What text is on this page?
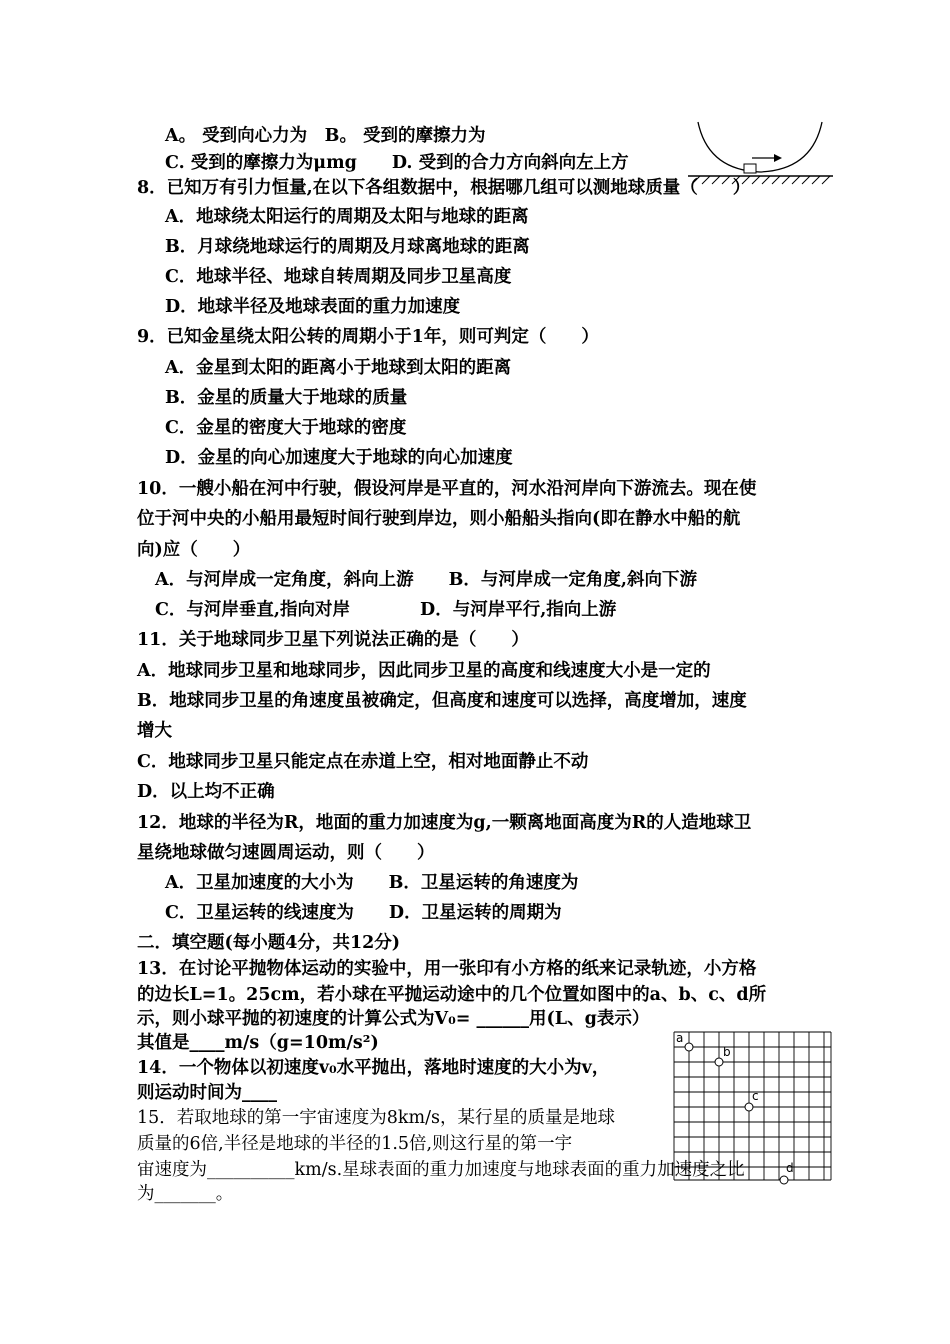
a
b
c
d
A。 受到向心力为　B。 受到的摩擦力为
C. 受到的摩擦力为μmg　　D. 受到的合力方向斜向左上方
8．已知万有引力恒量,在以下各组数据中，根据哪几组可以测地球质量（　　）
A．地球绕太阳运行的周期及太阳与地球的距离
B．月球绕地球运行的周期及月球离地球的距离
C．地球半径、地球自转周期及同步卫星高度
D．地球半径及地球表面的重力加速度
9．已知金星绕太阳公转的周期小于1年，则可判定（　　）
A．金星到太阳的距离小于地球到太阳的距离
B．金星的质量大于地球的质量
C．金星的密度大于地球的密度
D．金星的向心加速度大于地球的向心加速度
10．一艘小船在河中行驶，假设河岸是平直的，河水沿河岸向下游流去。现在使
位于河中央的小船用最短时间行驶到岸边，则小船船头指向(即在静水中船的航
向)应（　　）
A．与河岸成一定角度，斜向上游　　B．与河岸成一定角度,斜向下游
C．与河岸垂直,指向对岸　　　　D．与河岸平行,指向上游
11．关于地球同步卫星下列说法正确的是（　　）
A．地球同步卫星和地球同步，因此同步卫星的高度和线速度大小是一定的
B．地球同步卫星的角速度虽被确定，但高度和速度可以选择，高度增加，速度
增大
C．地球同步卫星只能定点在赤道上空，相对地面静止不动
D．以上均不正确
12．地球的半径为R，地面的重力加速度为g,一颗离地面高度为R的人造地球卫
星绕地球做匀速圆周运动，则（　　）
A．卫星加速度的大小为　　B．卫星运转的角速度为
C．卫星运转的线速度为　　D．卫星运转的周期为
二．填空题(每小题4分，共12分)
13．在讨论平抛物体运动的实验中，用一张印有小方格的纸来记录轨迹，小方格
的边长L=1。25cm，若小球在平抛运动途中的几个位置如图中的a、b、c、d所
示，则小球平抛的初速度的计算公式为V₀= ______用(L、g表示）
其值是____m/s（g=10m/s²)
14．一个物体以初速度v₀水平抛出，落地时速度的大小为v，
则运动时间为____
15．若取地球的第一宇宙速度为8km/s，某行星的质量是地球
质量的6倍,半径是地球的半径的1.5倍,则这行星的第一宇
宙速度为__________km/s.星球表面的重力加速度与地球表面的重力加速度之比
为_______。
